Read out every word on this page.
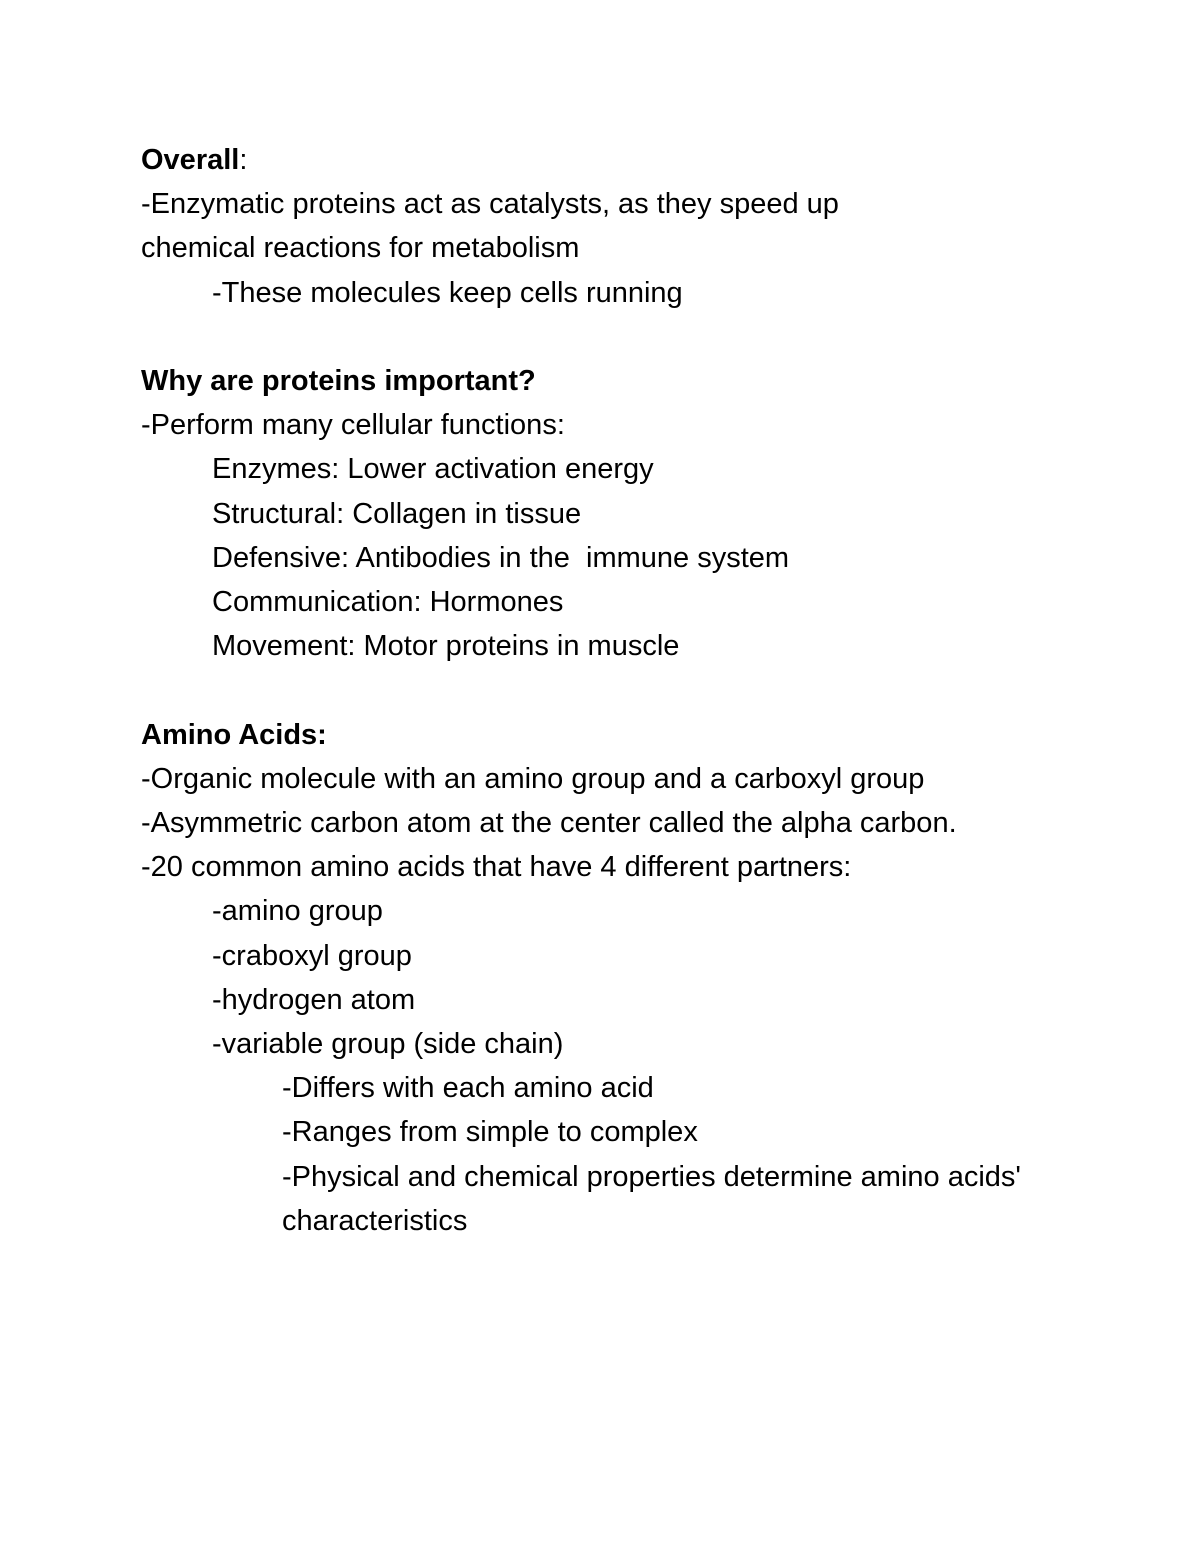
Overall:
-Enzymatic proteins act as catalysts, as they speed up chemical reactions for metabolism
-These molecules keep cells running
Why are proteins important?
-Perform many cellular functions:
Enzymes: Lower activation energy
Structural: Collagen in tissue
Defensive: Antibodies in the  immune system
Communication: Hormones
Movement: Motor proteins in muscle
Amino Acids:
-Organic molecule with an amino group and a carboxyl group
-Asymmetric carbon atom at the center called the alpha carbon.
-20 common amino acids that have 4 different partners:
-amino group
-craboxyl group
-hydrogen atom
-variable group (side chain)
-Differs with each amino acid
-Ranges from simple to complex
-Physical and chemical properties determine amino acids' characteristics
